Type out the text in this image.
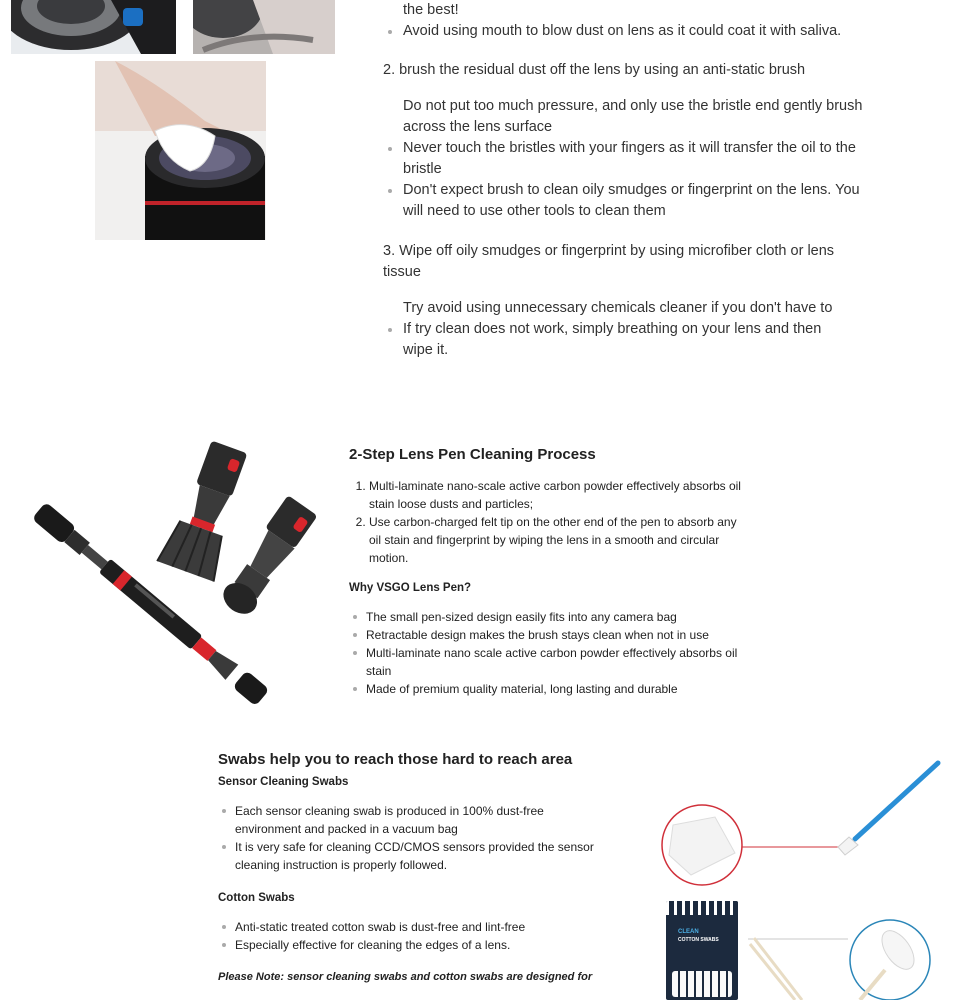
the best!
Avoid using mouth to blow dust on lens as it could coat it with saliva.
2. brush the residual dust off the lens by using an anti-static brush
Do not put too much pressure, and only use the bristle end gently brush across the lens surface
Never touch the bristles with your fingers as it will transfer the oil to the bristle
Don't expect brush to clean oily smudges or fingerprint on the lens. You will need to use other tools to clean them
3. Wipe off oily smudges or fingerprint by using microfiber cloth or lens tissue
Try avoid using unnecessary chemicals cleaner if you don't have to
If try clean does not work, simply breathing on your lens and then wipe it.
2-Step Lens Pen Cleaning Process
1. Multi-laminate nano-scale active carbon powder effectively absorbs oil stain loose dusts and particles;
2. Use carbon-charged felt tip on the other end of the pen to absorb any oil stain and fingerprint by wiping the lens in a smooth and circular motion.
Why VSGO Lens Pen?
The small pen-sized design easily fits into any camera bag
Retractable design makes the brush stays clean when not in use
Multi-laminate nano scale active carbon powder effectively absorbs oil stain
Made of premium quality material, long lasting and durable
Swabs help you to reach those hard to reach area
Sensor Cleaning Swabs
Each sensor cleaning swab is produced in 100% dust-free environment and packed in a vacuum bag
It is very safe for cleaning CCD/CMOS sensors provided the sensor cleaning instruction is properly followed.
Cotton Swabs
Anti-static treated cotton swab is dust-free and lint-free
Especially effective for cleaning the edges of a lens.
Please Note: sensor cleaning swabs and cotton swabs are designed for
CLEAN
COTTON SWABS
